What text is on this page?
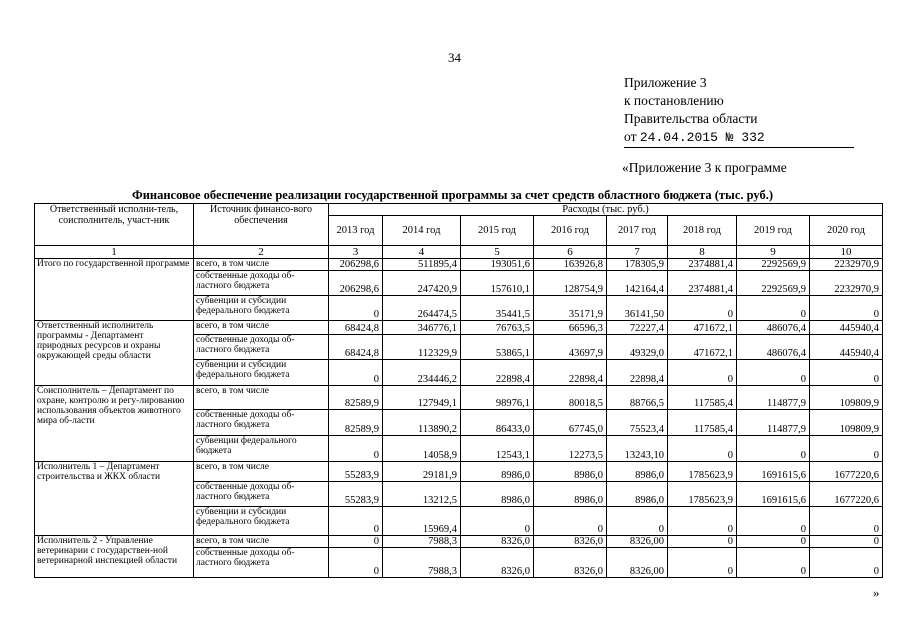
34
Приложение 3
к постановлению
Правительства области
от 24.04.2015 № 332
«Приложение 3 к программе
Финансовое обеспечение реализации государственной программы за счет средств областного бюджета (тыс. руб.)
Ответственный исполни-тель, соисполнитель, участ-ник	Источник финансо-вого обеспечения	Расходы (тыс. руб.)							
		2013 год	2014 год	2015 год	2016 год	2017 год	2018 год	2019 год	2020 год
1	2	3	4	5	6	7	8	9	10
Итого по государственной программе	всего, в том числе	206298,6	511895,4	193051,6	163926,8	178305,9	2374881,4	2292569,9	2232970,9
	собственные доходы об-ластного бюджета	206298,6	247420,9	157610,1	128754,9	142164,4	2374881,4	2292569,9	2232970,9
	субвенции и субсидии федерального бюджета	0	264474,5	35441,5	35171,9	36141,50	0	0	0
Ответственный исполнитель программы - Департамент природных ресурсов и охраны окружающей среды области	всего, в том числе	68424,8	346776,1	76763,5	66596,3	72227,4	471672,1	486076,4	445940,4
	собственные доходы об-ластного бюджета	68424,8	112329,9	53865,1	43697,9	49329,0	471672,1	486076,4	445940,4
	субвенции и субсидии федерального бюджета	0	234446,2	22898,4	22898,4	22898,4	0	0	0
Соисполнитель – Департамент по охране, контролю и регу-лированию использования объектов животного мира об-ласти	всего, в том числе	82589,9	127949,1	98976,1	80018,5	88766,5	117585,4	114877,9	109809,9
	собственные доходы об-ластного бюджета	82589,9	113890,2	86433,0	67745,0	75523,4	117585,4	114877,9	109809,9
	субвенции федерального бюджета	0	14058,9	12543,1	12273,5	13243,10	0	0	0
Исполнитель 1 – Департамент строительства и ЖКХ области	всего, в том числе	55283,9	29181,9	8986,0	8986,0	8986,0	1785623,9	1691615,6	1677220,6
	собственные доходы об-ластного бюджета	55283,9	13212,5	8986,0	8986,0	8986,0	1785623,9	1691615,6	1677220,6
	субвенции и субсидии федерального бюджета	0	15969,4	0	0	0	0	0	0
Исполнитель 2 - Управление ветеринарии с государствен-ной ветеринарной инспекцией области	всего, в том числе	0	7988,3	8326,0	8326,0	8326,00	0	0	0
	собственные доходы об-ластного бюджета	0	7988,3	8326,0	8326,0	8326,00	0	0	0
»
